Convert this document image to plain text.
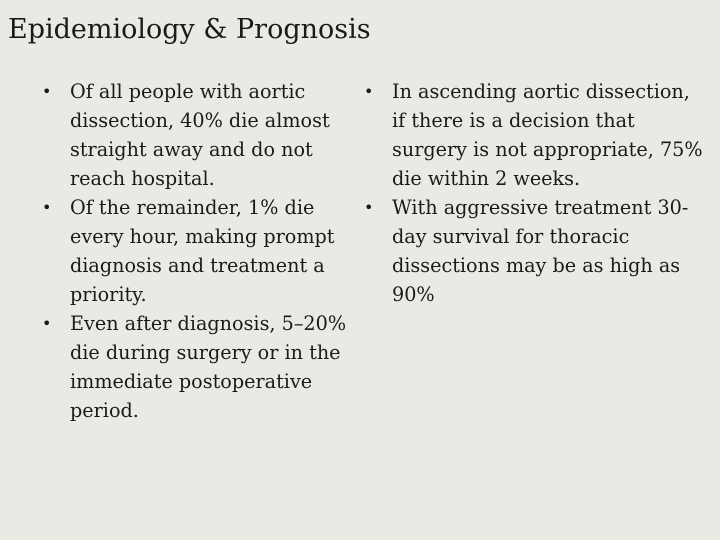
Epidemiology & Prognosis
• Of all people with aortic dissection, 40% die almost straight away and do not reach hospital.
• Of the remainder, 1% die every hour, making prompt diagnosis and treatment a priority.
• Even after diagnosis, 5–20% die during surgery or in the immediate postoperative period.
• In ascending aortic dissection, if there is a decision that surgery is not appropriate, 75% die within 2 weeks.
• With aggressive treatment 30-day survival for thoracic dissections may be as high as 90%
